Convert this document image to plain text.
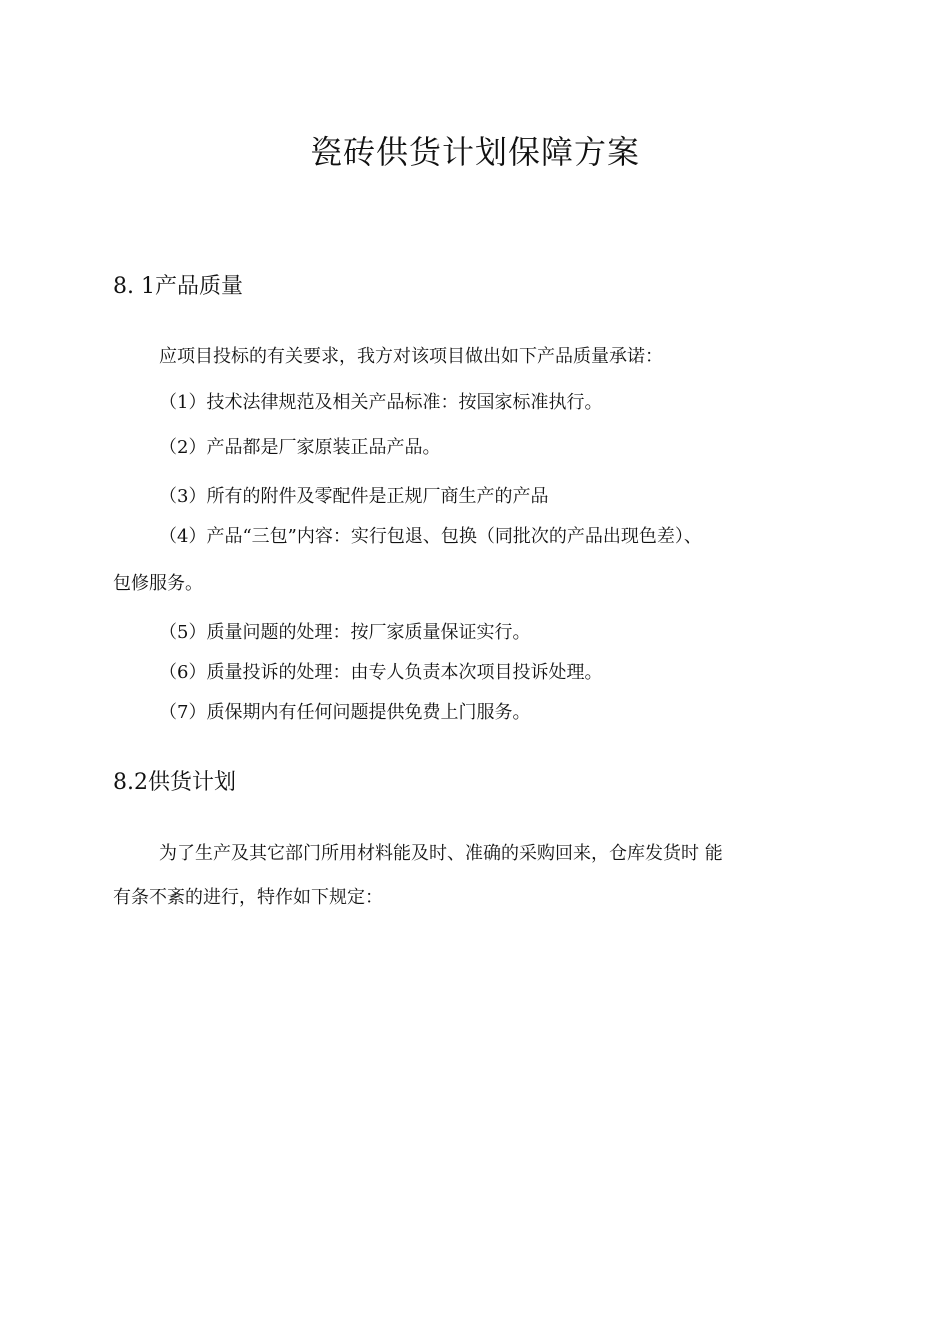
瓷砖供货计划保障方案
8. 1产品质量
应项目投标的有关要求，我方对该项目做出如下产品质量承诺：
（1）技术法律规范及相关产品标准：按国家标准执行。
（2）产品都是厂家原装正品产品。
（3）所有的附件及零配件是正规厂商生产的产品
（4）产品“三包”内容：实行包退、包换（同批次的产品出现色差）、
包修服务。
（5）质量问题的处理：按厂家质量保证实行。
（6）质量投诉的处理：由专人负责本次项目投诉处理。
（7）质保期内有任何问题提供免费上门服务。
8.2供货计划
为了生产及其它部门所用材料能及时、准确的采购回来，仓库发货时 能
有条不紊的进行，特作如下规定：
